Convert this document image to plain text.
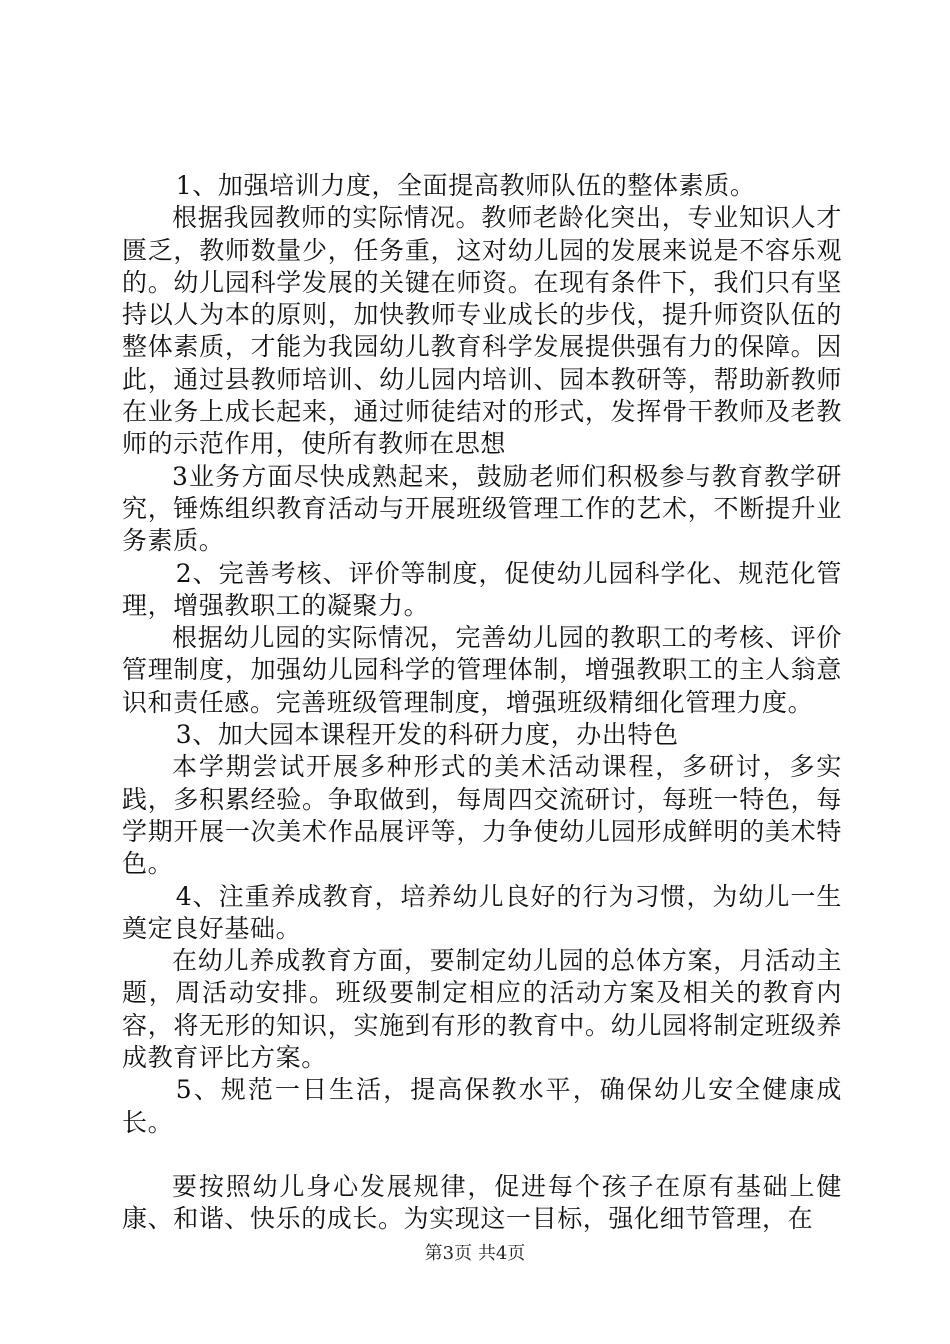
1、加强培训力度，全面提高教师队伍的整体素质。

根据我园教师的实际情况。教师老龄化突出，专业知识人才匮乏，教师数量少，任务重，这对幼儿园的发展来说是不容乐观的。幼儿园科学发展的关键在师资。在现有条件下，我们只有坚持以人为本的原则，加快教师专业成长的步伐，提升师资队伍的整体素质，才能为我园幼儿教育科学发展提供强有力的保障。因此，通过县教师培训、幼儿园内培训、园本教研等，帮助新教师在业务上成长起来，通过师徒结对的形式，发挥骨干教师及老教师的示范作用，使所有教师在思想

3业务方面尽快成熟起来，鼓励老师们积极参与教育教学研究，锤炼组织教育活动与开展班级管理工作的艺术，不断提升业务素质。

2、完善考核、评价等制度，促使幼儿园科学化、规范化管理，增强教职工的凝聚力。

根据幼儿园的实际情况，完善幼儿园的教职工的考核、评价管理制度，加强幼儿园科学的管理体制，增强教职工的主人翁意识和责任感。完善班级管理制度，增强班级精细化管理力度。

3、加大园本课程开发的科研力度，办出特色

本学期尝试开展多种形式的美术活动课程，多研讨，多实践，多积累经验。争取做到，每周四交流研讨，每班一特色，每学期开展一次美术作品展评等，力争使幼儿园形成鲜明的美术特色。

4、注重养成教育，培养幼儿良好的行为习惯，为幼儿一生奠定良好基础。

在幼儿养成教育方面，要制定幼儿园的总体方案，月活动主题，周活动安排。班级要制定相应的活动方案及相关的教育内容，将无形的知识，实施到有形的教育中。幼儿园将制定班级养成教育评比方案。

5、规范一日生活，提高保教水平，确保幼儿安全健康成长。

要按照幼儿身心发展规律，促进每个孩子在原有基础上健康、和谐、快乐的成长。为实现这一目标，强化细节管理，在

第3页 共4页
